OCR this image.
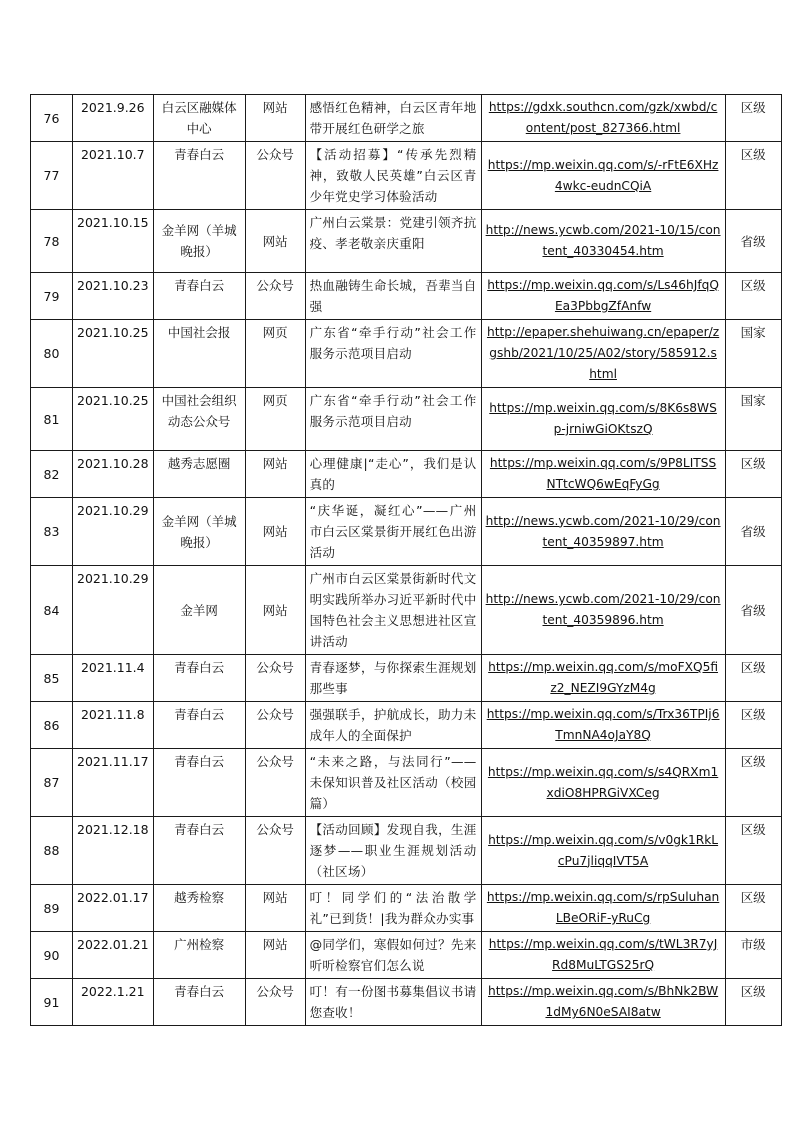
76	2021.9.26	白云区融媒体中心	网站	感悟红色精神，白云区青年地带开展红色研学之旅	https://gdxk.southcn.com/gzk/xwbd/content/post_827366.html	区级
77	2021.10.7	青春白云	公众号	【活动招募】“传承先烈精神，致敬人民英雄”白云区青少年党史学习体验活动	https://mp.weixin.qq.com/s/-rFtE6XHz4wkc-eudnCQiA	区级
78	2021.10.15	金羊网（羊城晚报）	网站	广州白云棠景：党建引领齐抗疫、孝老敬亲庆重阳	http://news.ycwb.com/2021-10/15/content_40330454.htm	省级
79	2021.10.23	青春白云	公众号	热血融铸生命长城，吾辈当自强	https://mp.weixin.qq.com/s/Ls46hJfqQEa3PbbgZfAnfw	区级
80	2021.10.25	中国社会报	网页	广东省“牵手行动”社会工作服务示范项目启动	http://epaper.shehuiwang.cn/epaper/zgshb/2021/10/25/A02/story/585912.shtml	国家
81	2021.10.25	中国社会组织动态公众号	网页	广东省“牵手行动”社会工作服务示范项目启动	https://mp.weixin.qq.com/s/8K6s8WSp-jrniwGiOKtszQ	国家
82	2021.10.28	越秀志愿圈	网站	心理健康|“走心”，我们是认真的	https://mp.weixin.qq.com/s/9P8LITSSNTtcWQ6wEqFyGg	区级
83	2021.10.29	金羊网（羊城晚报）	网站	“庆华诞，凝红心”——广州市白云区棠景街开展红色出游活动	http://news.ycwb.com/2021-10/29/content_40359897.htm	省级
84	2021.10.29	金羊网	网站	广州市白云区棠景街新时代文明实践所举办习近平新时代中国特色社会主义思想进社区宣讲活动	http://news.ycwb.com/2021-10/29/content_40359896.htm	省级
85	2021.11.4	青春白云	公众号	青春逐梦，与你探索生涯规划那些事	https://mp.weixin.qq.com/s/moFXQ5fiz2_NEZI9GYzM4g	区级
86	2021.11.8	青春白云	公众号	强强联手，护航成长，助力未成年人的全面保护	https://mp.weixin.qq.com/s/Trx36TPIj6TmnNA4oJaY8Q	区级
87	2021.11.17	青春白云	公众号	“未来之路，与法同行”——未保知识普及社区活动（校园篇）	https://mp.weixin.qq.com/s/s4QRXm1xdiO8HPRGiVXCeg	区级
88	2021.12.18	青春白云	公众号	【活动回顾】发现自我，生涯逐梦——职业生涯规划活动（社区场）	https://mp.weixin.qq.com/s/v0gk1RkLcPu7jliqqIVT5A	区级
89	2022.01.17	越秀检察	网站	叮！同学们的“法治散学礼”已到货！|我为群众办实事	https://mp.weixin.qq.com/s/rpSuluhanLBeORiF-yRuCg	区级
90	2022.01.21	广州检察	网站	@同学们，寒假如何过？先来听听检察官们怎么说	https://mp.weixin.qq.com/s/tWL3R7yJRd8MuLTGS25rQ	市级
91	2022.1.21	青春白云	公众号	叮！有一份图书募集倡议书请您查收！	https://mp.weixin.qq.com/s/BhNk2BW1dMy6N0eSAI8atw	区级
